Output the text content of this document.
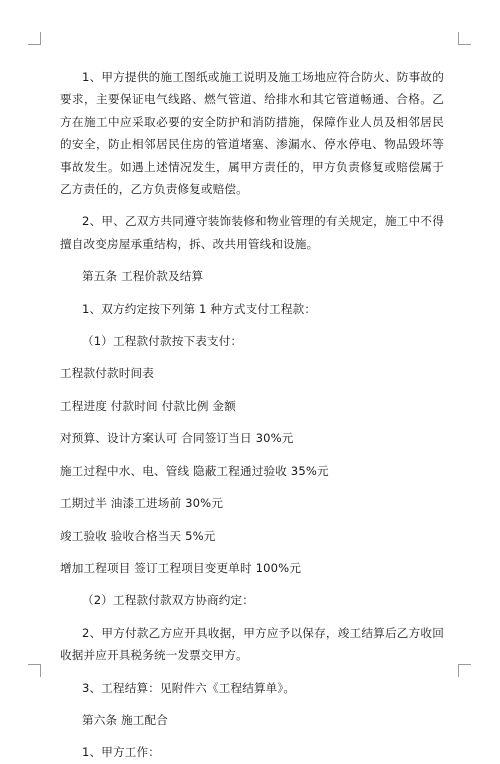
1、甲方提供的施工图纸或施工说明及施工场地应符合防火、防事故的要求，主要保证电气线路、燃气管道、给排水和其它管道畅通、合格。乙方在施工中应采取必要的安全防护和消防措施，保障作业人员及相邻居民的安全，防止相邻居民住房的管道堵塞、渗漏水、停水停电、物品毁坏等事故发生。如遇上述情况发生，属甲方责任的，甲方负责修复或赔偿属于乙方责任的，乙方负责修复或赔偿。

2、甲、乙双方共同遵守装饰装修和物业管理的有关规定，施工中不得擅自改变房屋承重结构，拆、改共用管线和设施。

第五条 工程价款及结算

1、双方约定按下列第 1 种方式支付工程款：

（1）工程款付款按下表支付：

工程款付款时间表

工程进度 付款时间 付款比例 金额

对预算、设计方案认可 合同签订当日 30%元

施工过程中水、电、管线 隐蔽工程通过验收 35%元

工期过半 油漆工进场前 30%元

竣工验收 验收合格当天 5%元

增加工程项目 签订工程项目变更单时 100%元

（2）工程款付款双方协商约定：

2、甲方付款乙方应开具收据，甲方应予以保存，竣工结算后乙方收回收据并应开具税务统一发票交甲方。

3、工程结算：见附件六《工程结算单》。

第六条 施工配合

1、甲方工作：
